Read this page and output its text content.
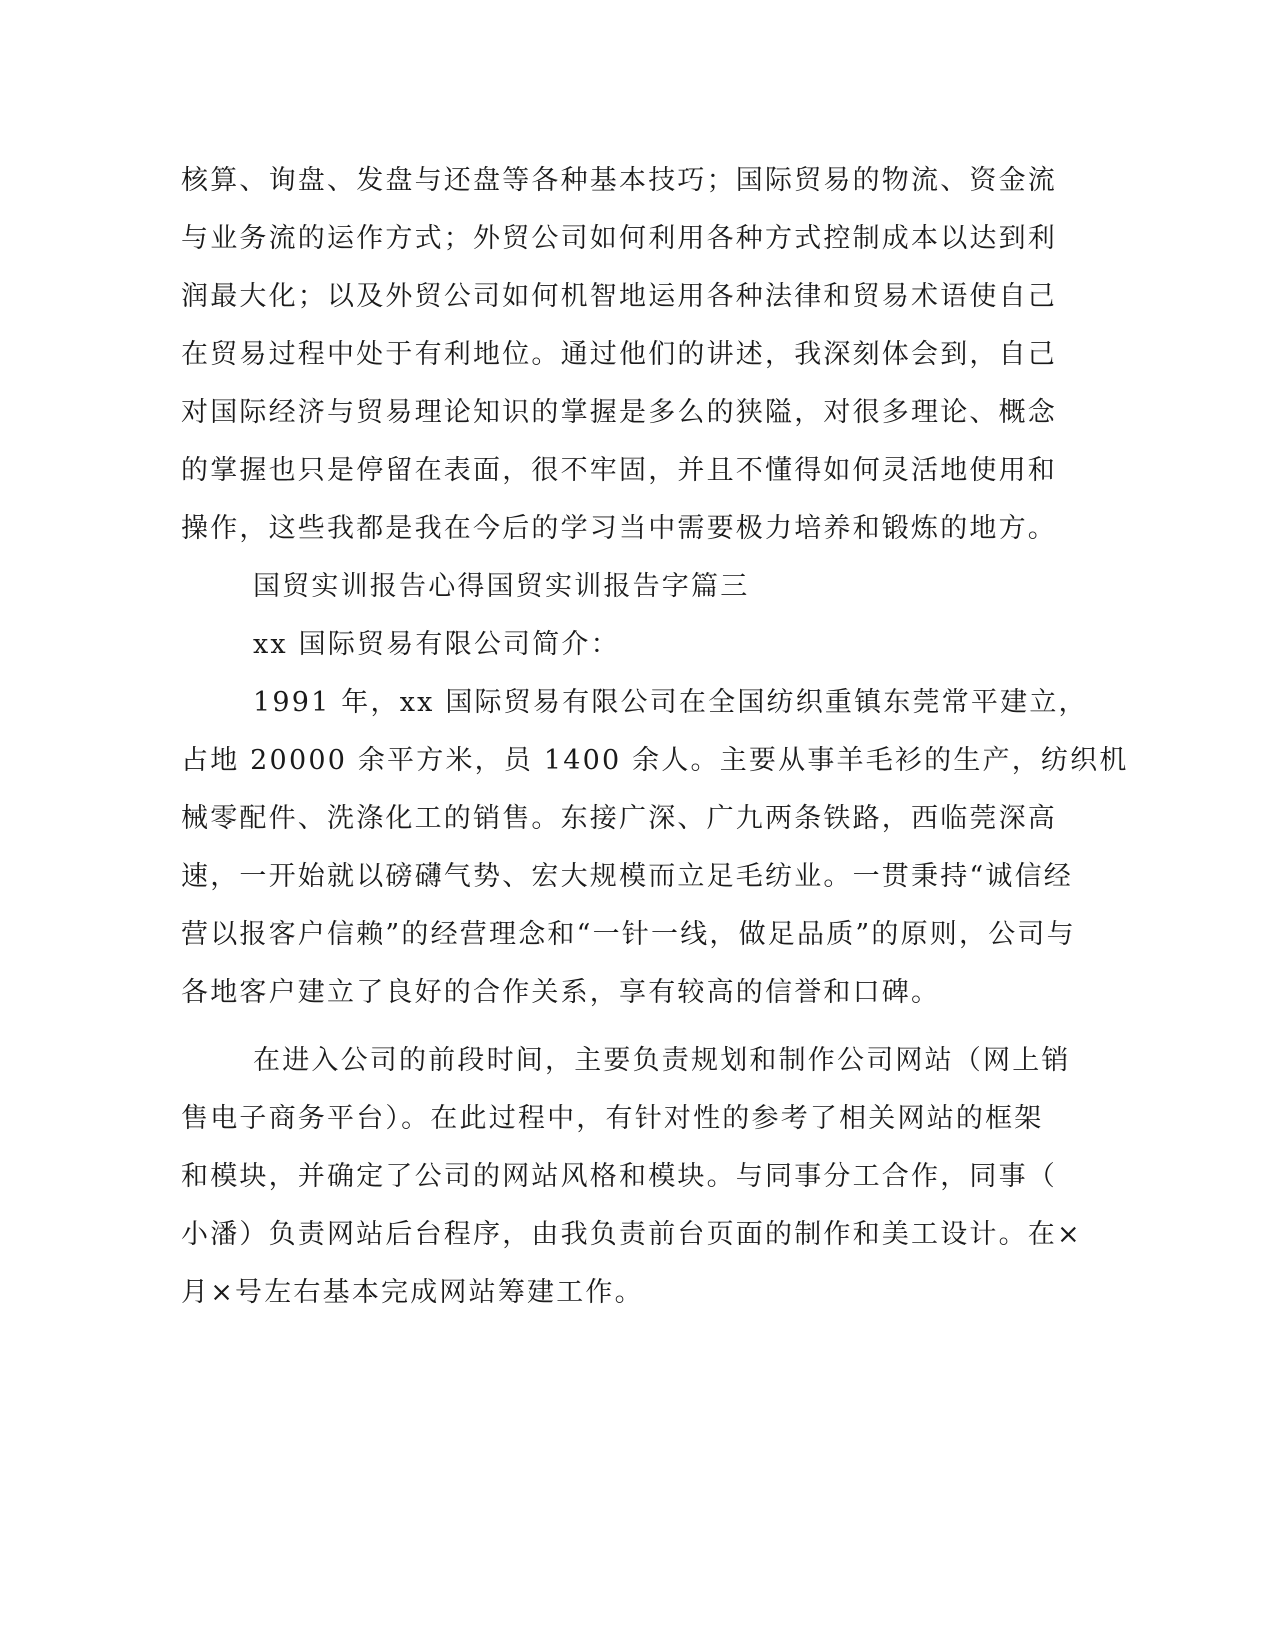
核算、询盘、发盘与还盘等各种基本技巧；国际贸易的物流、资金流
与业务流的运作方式；外贸公司如何利用各种方式控制成本以达到利
润最大化；以及外贸公司如何机智地运用各种法律和贸易术语使自己
在贸易过程中处于有利地位。通过他们的讲述，我深刻体会到，自己
对国际经济与贸易理论知识的掌握是多么的狭隘，对很多理论、概念
的掌握也只是停留在表面，很不牢固，并且不懂得如何灵活地使用和
操作，这些我都是我在今后的学习当中需要极力培养和锻炼的地方。
国贸实训报告心得国贸实训报告字篇三
xx 国际贸易有限公司简介：
1991 年，xx 国际贸易有限公司在全国纺织重镇东莞常平建立，
占地 20000 余平方米，员 1400 余人。主要从事羊毛衫的生产，纺织机
械零配件、洗涤化工的销售。东接广深、广九两条铁路，西临莞深高
速，一开始就以磅礴气势、宏大规模而立足毛纺业。一贯秉持“诚信经
营以报客户信赖”的经营理念和“一针一线，做足品质”的原则，公司与
各地客户建立了良好的合作关系，享有较高的信誉和口碑。
在进入公司的前段时间，主要负责规划和制作公司网站（网上销
售电子商务平台）。在此过程中，有针对性的参考了相关网站的框架
和模块，并确定了公司的网站风格和模块。与同事分工合作，同事（
小潘）负责网站后台程序，由我负责前台页面的制作和美工设计。在×
月×号左右基本完成网站筹建工作。
